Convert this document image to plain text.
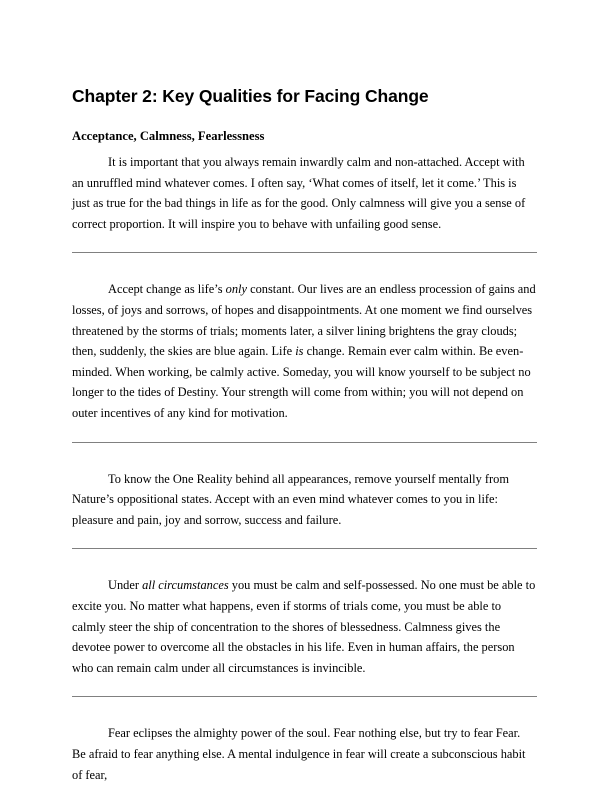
Chapter 2: Key Qualities for Facing Change
Acceptance, Calmness, Fearlessness

It is important that you always remain inwardly calm and non-attached. Accept with an unruffled mind whatever comes. I often say, ‘What comes of itself, let it come.’ This is just as true for the bad things in life as for the good. Only calmness will give you a sense of correct proportion. It will inspire you to behave with unfailing good sense.

Accept change as life’s only constant. Our lives are an endless procession of gains and losses, of joys and sorrows, of hopes and disappointments. At one moment we find ourselves threatened by the storms of trials; moments later, a silver lining brightens the gray clouds; then, suddenly, the skies are blue again. Life is change. Remain ever calm within. Be even-minded. When working, be calmly active. Someday, you will know yourself to be subject no longer to the tides of Destiny. Your strength will come from within; you will not depend on outer incentives of any kind for motivation.

To know the One Reality behind all appearances, remove yourself mentally from Nature’s oppositional states. Accept with an even mind whatever comes to you in life: pleasure and pain, joy and sorrow, success and failure.

Under all circumstances you must be calm and self-possessed. No one must be able to excite you. No matter what happens, even if storms of trials come, you must be able to calmly steer the ship of concentration to the shores of blessedness. Calmness gives the devotee power to overcome all the obstacles in his life. Even in human affairs, the person who can remain calm under all circumstances is invincible.

Fear eclipses the almighty power of the soul. Fear nothing else, but try to fear Fear. Be afraid to fear anything else. A mental indulgence in fear will create a subconscious habit of fear,
